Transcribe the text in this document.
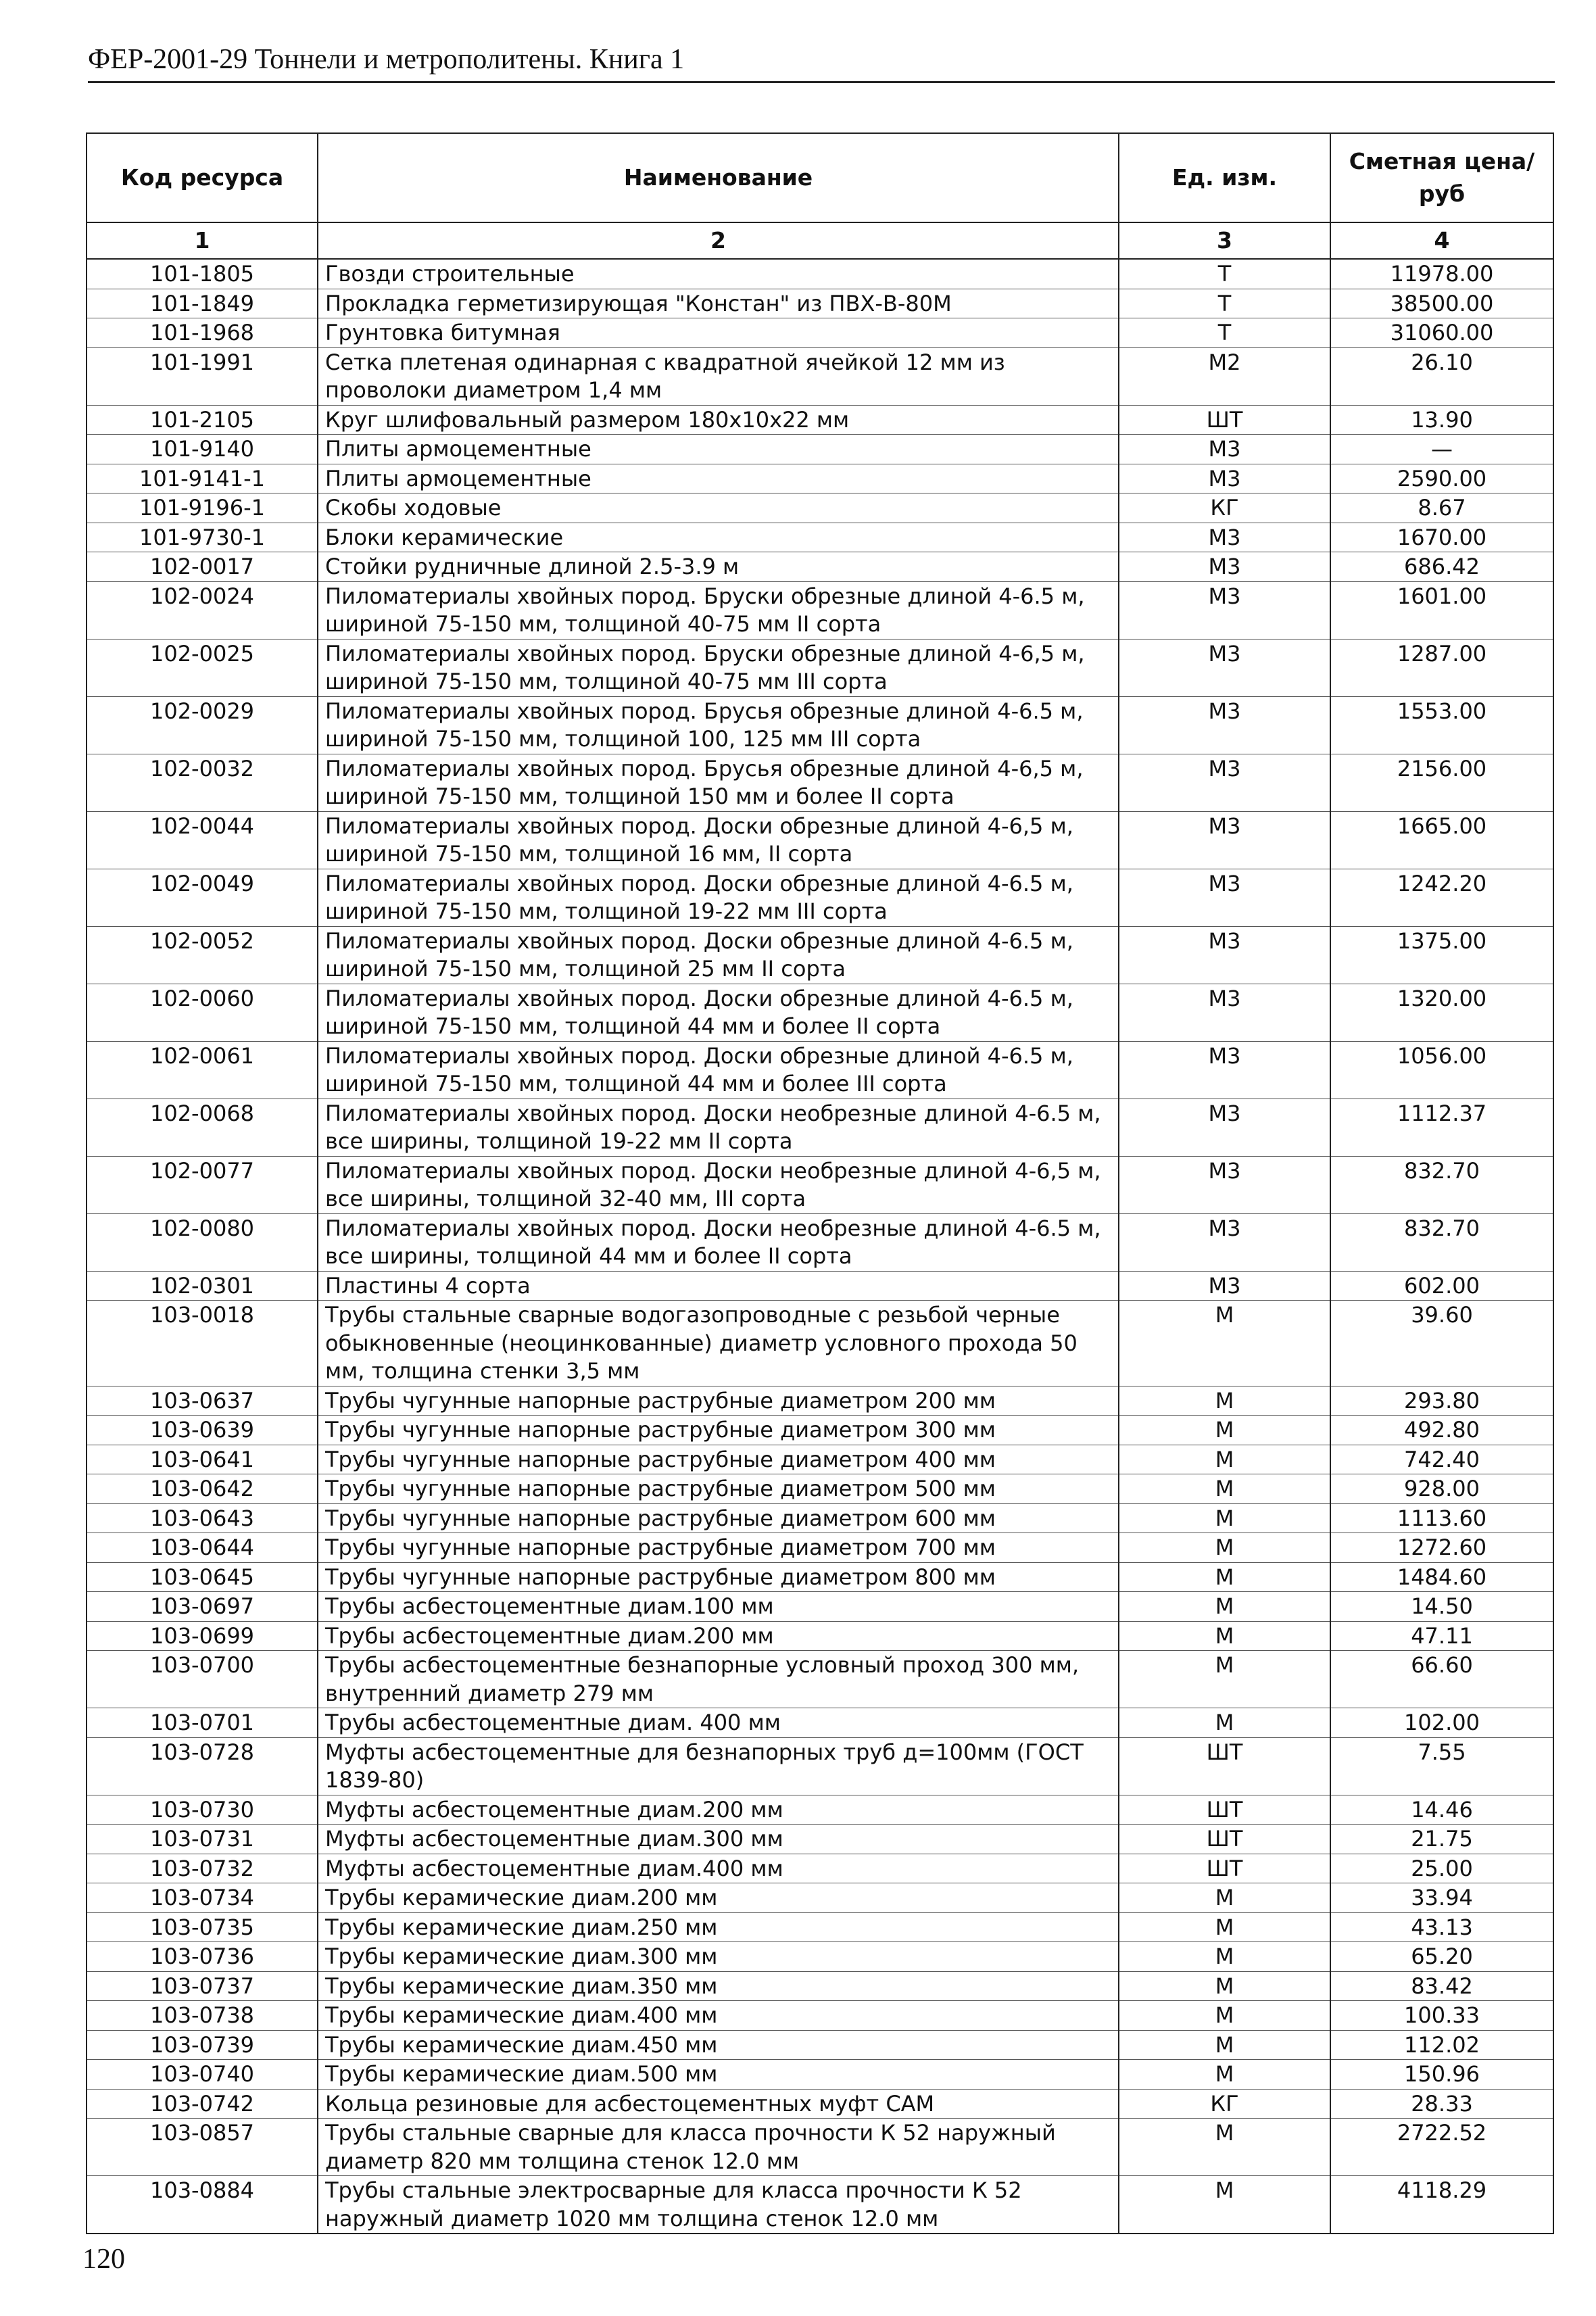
ФЕР-2001-29 Тоннели и метрополитены. Книга 1
Код ресурса	Наименование	Ед. изм.	Сметная цена/руб
1	2	3	4
101-1805	Гвозди строительные	Т	11978.00
101-1849	Прокладка герметизирующая "Констан" из ПВХ-В-80М	Т	38500.00
101-1968	Грунтовка битумная	Т	31060.00
101-1991	Сетка плетеная одинарная с квадратной ячейкой 12 мм из проволоки диаметром 1,4 мм	М2	26.10
101-2105	Круг шлифовальный размером 180х10х22 мм	ШТ	13.90
101-9140	Плиты армоцементные	М3	—
101-9141-1	Плиты армоцементные	М3	2590.00
101-9196-1	Скобы ходовые	КГ	8.67
101-9730-1	Блоки керамические	М3	1670.00
102-0017	Стойки рудничные длиной 2.5-3.9 м	М3	686.42
102-0024	Пиломатериалы хвойных пород. Бруски обрезные длиной 4-6.5 м, шириной 75-150 мм, толщиной 40-75 мм II сорта	М3	1601.00
102-0025	Пиломатериалы хвойных пород. Бруски обрезные длиной 4-6,5 м, шириной 75-150 мм, толщиной 40-75 мм III сорта	М3	1287.00
102-0029	Пиломатериалы хвойных пород. Брусья обрезные длиной 4-6.5 м, шириной 75-150 мм, толщиной 100, 125 мм III сорта	М3	1553.00
102-0032	Пиломатериалы хвойных пород. Брусья обрезные длиной 4-6,5 м, шириной 75-150 мм, толщиной 150 мм и более II сорта	М3	2156.00
102-0044	Пиломатериалы хвойных пород. Доски обрезные длиной 4-6,5 м, шириной 75-150 мм, толщиной 16 мм, II сорта	М3	1665.00
102-0049	Пиломатериалы хвойных пород. Доски обрезные длиной 4-6.5 м, шириной 75-150 мм, толщиной 19-22 мм III сорта	М3	1242.20
102-0052	Пиломатериалы хвойных пород. Доски обрезные длиной 4-6.5 м, шириной 75-150 мм, толщиной 25 мм II сорта	М3	1375.00
102-0060	Пиломатериалы хвойных пород. Доски обрезные длиной 4-6.5 м, шириной 75-150 мм, толщиной 44 мм и более II сорта	М3	1320.00
102-0061	Пиломатериалы хвойных пород. Доски обрезные длиной 4-6.5 м, шириной 75-150 мм, толщиной 44 мм и более III сорта	М3	1056.00
102-0068	Пиломатериалы хвойных пород. Доски необрезные длиной 4-6.5 м, все ширины, толщиной 19-22 мм II сорта	М3	1112.37
102-0077	Пиломатериалы хвойных пород. Доски необрезные длиной 4-6,5 м, все ширины, толщиной 32-40 мм, III сорта	М3	832.70
102-0080	Пиломатериалы хвойных пород. Доски необрезные длиной 4-6.5 м, все ширины, толщиной 44 мм и более II сорта	М3	832.70
102-0301	Пластины 4 сорта	М3	602.00
103-0018	Трубы стальные сварные водогазопроводные с резьбой черные обыкновенные (неоцинкованные) диаметр условного прохода 50 мм, толщина стенки 3,5 мм	М	39.60
103-0637	Трубы чугунные напорные раструбные диаметром 200 мм	М	293.80
103-0639	Трубы чугунные напорные раструбные диаметром 300 мм	М	492.80
103-0641	Трубы чугунные напорные раструбные диаметром 400 мм	М	742.40
103-0642	Трубы чугунные напорные раструбные диаметром 500 мм	М	928.00
103-0643	Трубы чугунные напорные раструбные диаметром 600 мм	М	1113.60
103-0644	Трубы чугунные напорные раструбные диаметром 700 мм	М	1272.60
103-0645	Трубы чугунные напорные раструбные диаметром 800 мм	М	1484.60
103-0697	Трубы асбестоцементные диам.100 мм	М	14.50
103-0699	Трубы асбестоцементные диам.200 мм	М	47.11
103-0700	Трубы асбестоцементные безнапорные условный проход 300 мм, внутренний диаметр 279 мм	М	66.60
103-0701	Трубы асбестоцементные диам. 400 мм	М	102.00
103-0728	Муфты асбестоцементные для безнапорных труб д=100мм (ГОСТ 1839-80)	ШТ	7.55
103-0730	Муфты асбестоцементные диам.200 мм	ШТ	14.46
103-0731	Муфты асбестоцементные диам.300 мм	ШТ	21.75
103-0732	Муфты асбестоцементные диам.400 мм	ШТ	25.00
103-0734	Трубы керамические диам.200 мм	М	33.94
103-0735	Трубы керамические диам.250 мм	М	43.13
103-0736	Трубы керамические диам.300 мм	М	65.20
103-0737	Трубы керамические диам.350 мм	М	83.42
103-0738	Трубы керамические диам.400 мм	М	100.33
103-0739	Трубы керамические диам.450 мм	М	112.02
103-0740	Трубы керамические диам.500 мм	М	150.96
103-0742	Кольца резиновые для асбестоцементных муфт САМ	КГ	28.33
103-0857	Трубы стальные сварные для класса прочности К 52 наружный диаметр 820 мм толщина стенок 12.0 мм	М	2722.52
103-0884	Трубы стальные электросварные для класса прочности К 52 наружный диаметр 1020 мм толщина стенок 12.0 мм	М	4118.29
120
